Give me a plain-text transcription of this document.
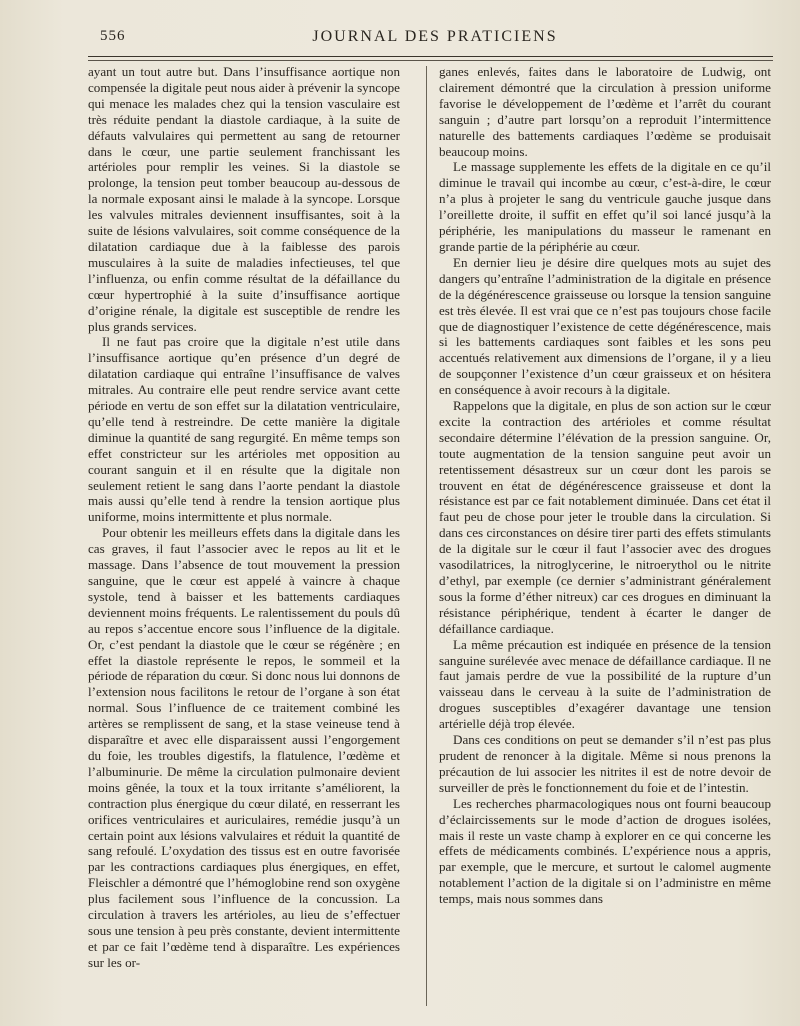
556	JOURNAL DES PRATICIENS

ayant un tout autre but. Dans l’insuffisance aortique non compensée la digitale peut nous aider à prévenir la syncope qui menace les malades chez qui la tension vasculaire est très réduite pendant la diastole cardiaque, à la suite de défauts valvulaires qui permettent au sang de retourner dans le cœur, une partie seulement franchissant les artérioles pour remplir les veines. Si la diastole se prolonge, la tension peut tomber beaucoup au-dessous de la normale exposant ainsi le malade à la syncope. Lorsque les valvules mitrales deviennent insuffisantes, soit à la suite de lésions valvulaires, soit comme conséquence de la dilatation cardiaque due à la faiblesse des parois musculaires à la suite de maladies infectieuses, tel que l’influenza, ou enfin comme résultat de la défaillance du cœur hypertrophié à la suite d’insuffisance aortique d’origine rénale, la digitale est susceptible de rendre les plus grands services.

Il ne faut pas croire que la digitale n’est utile dans l’insuffisance aortique qu’en présence d’un degré de dilatation cardiaque qui entraîne l’insuffisance de valves mitrales. Au contraire elle peut rendre service avant cette période en vertu de son effet sur la dilatation ventriculaire, qu’elle tend à restreindre. De cette manière la digitale diminue la quantité de sang regurgité. En même temps son effet constricteur sur les artérioles met opposition au courant sanguin et il en résulte que la digitale non seulement retient le sang dans l’aorte pendant la diastole mais aussi qu’elle tend à rendre la tension aortique plus uniforme, moins intermittente et plus normale.

Pour obtenir les meilleurs effets dans la digitale dans les cas graves, il faut l’associer avec le repos au lit et le massage. Dans l’absence de tout mouvement la pression sanguine, que le cœur est appelé à vaincre à chaque systole, tend à baisser et les battements cardiaques deviennent moins fréquents. Le ralentissement du pouls dû au repos s’accentue encore sous l’influence de la digitale. Or, c’est pendant la diastole que le cœur se régénère ; en effet la diastole représente le repos, le sommeil et la période de réparation du cœur. Si donc nous lui donnons de l’extension nous facilitons le retour de l’organe à son état normal. Sous l’influence de ce traitement combiné les artères se remplissent de sang, et la stase veineuse tend à disparaître et avec elle disparaissent aussi l’engorgement du foie, les troubles digestifs, la flatulence, l’œdème et l’albuminurie. De même la circulation pulmonaire devient moins gênée, la toux et la toux irritante s’améliorent, la contraction plus énergique du cœur dilaté, en resserrant les orifices ventriculaires et auriculaires, remédie jusqu’à un certain point aux lésions valvulaires et réduit la quantité de sang refoulé. L’oxydation des tissus est en outre favorisée par les contractions cardiaques plus énergiques, en effet, Fleischler a démontré que l’hémoglobine rend son oxygène plus facilement sous l’influence de la concussion. La circulation à travers les artérioles, au lieu de s’effectuer sous une tension à peu près constante, devient intermittente et par ce fait l’œdème tend à disparaître. Les expériences sur les or-

ganes enlevés, faites dans le laboratoire de Ludwig, ont clairement démontré que la circulation à pression uniforme favorise le développement de l’œdème et l’arrêt du courant sanguin ; d’autre part lorsqu’on a reproduit l’intermittence naturelle des battements cardiaques l’œdème se produisait beaucoup moins.

Le massage supplemente les effets de la digitale en ce qu’il diminue le travail qui incombe au cœur, c’est-à-dire, le cœur n’a plus à projeter le sang du ventricule gauche jusque dans l’oreillette droite, il suffit en effet qu’il soi lancé jusqu’à la périphérie, les manipulations du masseur le ramenant en grande partie de la périphérie au cœur.

En dernier lieu je désire dire quelques mots au sujet des dangers qu’entraîne l’administration de la digitale en présence de la dégénérescence graisseuse ou lorsque la tension sanguine est très élevée. Il est vrai que ce n’est pas toujours chose facile que de diagnostiquer l’existence de cette dégénérescence, mais si les battements cardiaques sont faibles et les sons peu accentués relativement aux dimensions de l’organe, il y a lieu de soupçonner l’existence d’un cœur graisseux et on hésitera en conséquence à avoir recours à la digitale.

Rappelons que la digitale, en plus de son action sur le cœur excite la contraction des artérioles et comme résultat secondaire détermine l’élévation de la pression sanguine. Or, toute augmentation de la tension sanguine peut avoir un retentissement désastreux sur un cœur dont les parois se trouvent en état de dégénérescence graisseuse et dont la résistance est par ce fait notablement diminuée. Dans cet état il faut peu de chose pour jeter le trouble dans la circulation. Si dans ces circonstances on désire tirer parti des effets stimulants de la digitale sur le cœur il faut l’associer avec des drogues vasodilatrices, la nitroglycerine, le nitroerythol ou le nitrite d’ethyl, par exemple (ce dernier s’administrant généralement sous la forme d’éther nitreux) car ces drogues en diminuant la résistance périphérique, tendent à écarter le danger de défaillance cardiaque.

La même précaution est indiquée en présence de la tension sanguine surélevée avec menace de défaillance cardiaque. Il ne faut jamais perdre de vue la possibilité de la rupture d’un vaisseau dans le cerveau à la suite de l’administration de drogues susceptibles d’exagérer davantage une tension artérielle déjà trop élevée.

Dans ces conditions on peut se demander s’il n’est pas plus prudent de renoncer à la digitale. Même si nous prenons la précaution de lui associer les nitrites il est de notre devoir de surveiller de près le fonctionnement du foie et de l’intestin.

Les recherches pharmacologiques nous ont fourni beaucoup d’éclaircissements sur le mode d’action de drogues isolées, mais il reste un vaste champ à explorer en ce qui concerne les effets de médicaments combinés. L’expérience nous a appris, par exemple, que le mercure, et surtout le calomel augmente notablement l’action de la digitale si on l’administre en même temps, mais nous sommes dans
